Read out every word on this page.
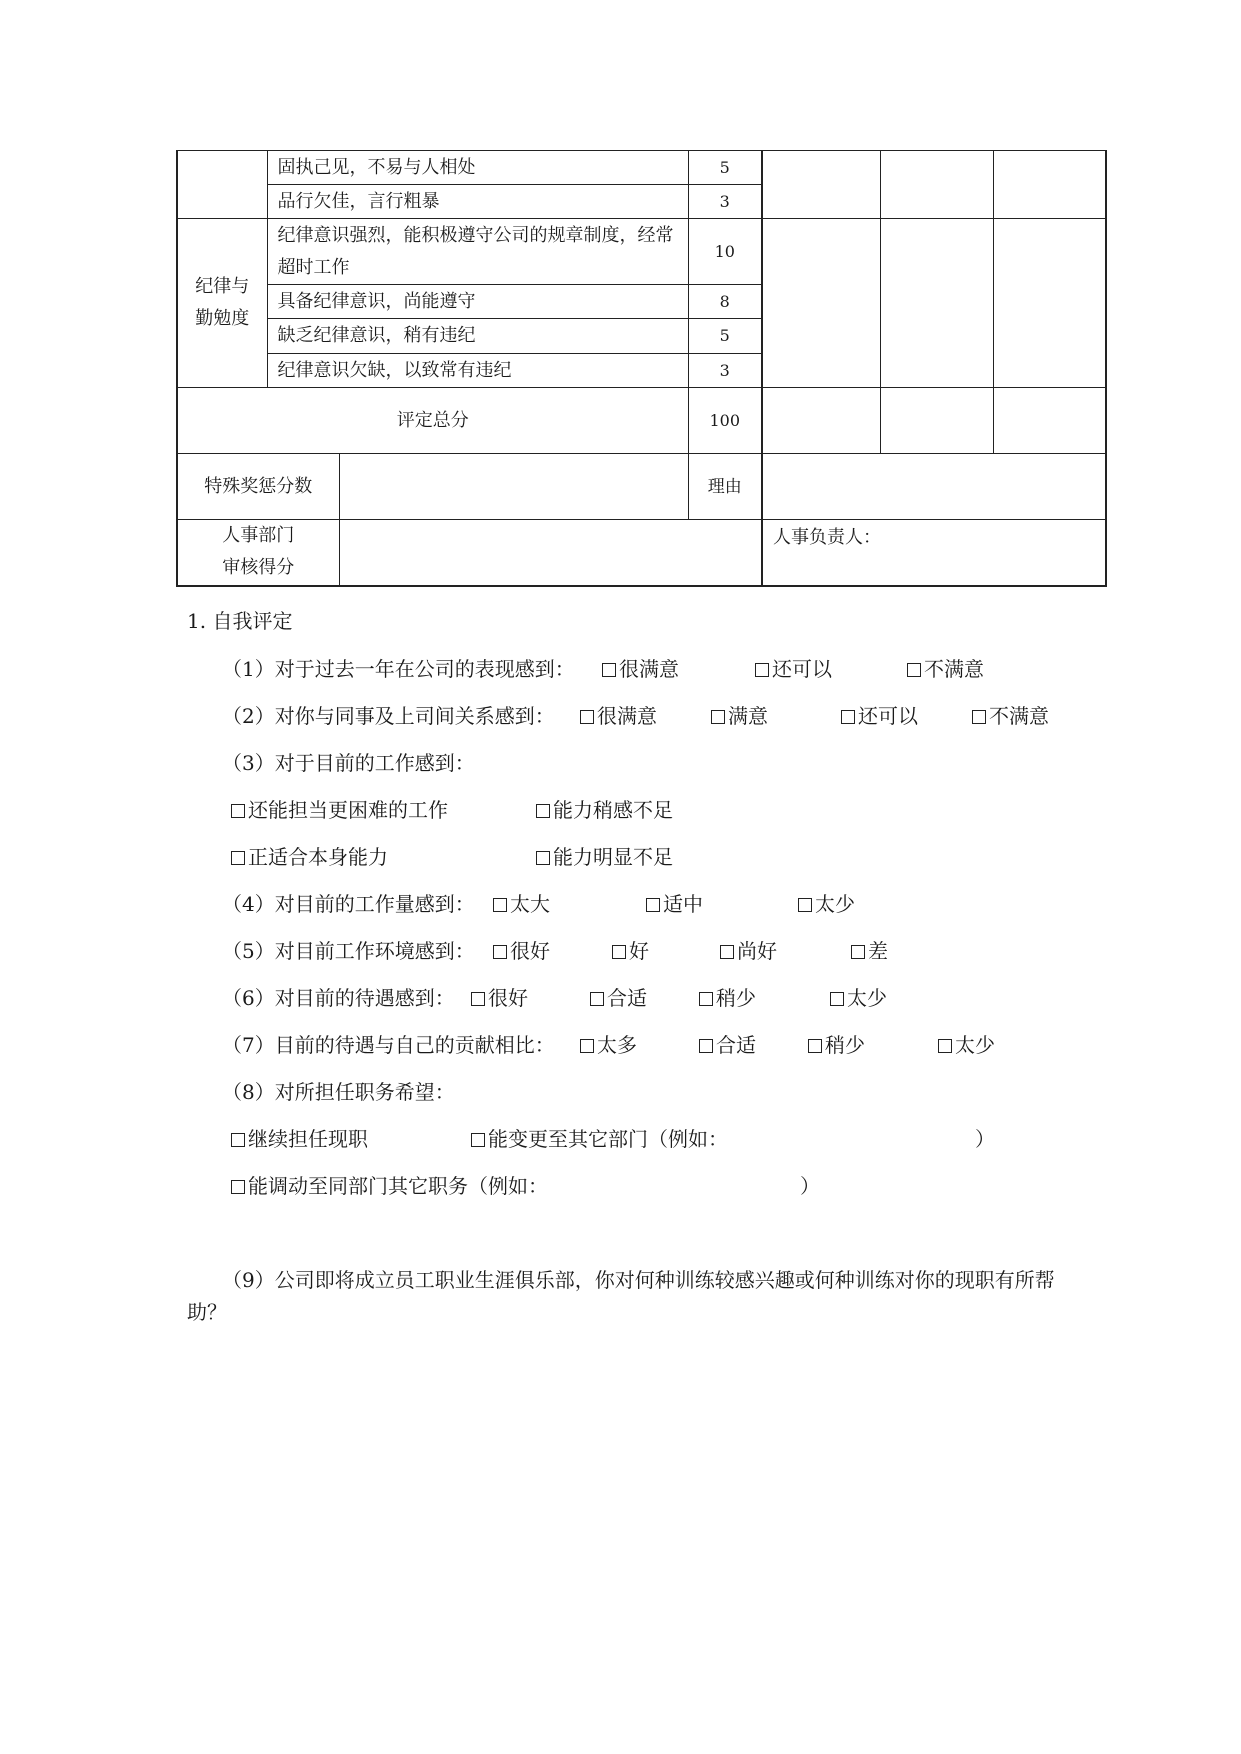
	固执己见，不易与人相处		5			
	品行欠佳，言行粗暴		3			
纪律与
勤勉度	纪律意识强烈，能积极遵守公司的规章制度，经常超时工作		10			
	具备纪律意识，尚能遵守		8			
	缺乏纪律意识，稍有违纪		5			
	纪律意识欠缺，以致常有违纪		3			
评定总分			100			
特殊奖惩分数			理由			
人事部门
审核得分				人事负责人：		
1. 自我评定
（1）对于过去一年在公司的表现感到：	很满意	还可以	不满意
（2）对你与同事及上司间关系感到：	很满意	满意	还可以	不满意
（3）对于目前的工作感到：
还能担当更困难的工作	能力稍感不足
正适合本身能力	能力明显不足
（4）对目前的工作量感到：	太大	适中	太少
（5）对目前工作环境感到：	很好	好	尚好	差
（6）对目前的待遇感到：	很好	合适	稍少	太少
（7）目前的待遇与自己的贡献相比：	太多	合适	稍少	太少
（8）对所担任职务希望：
继续担任现职	能变更至其它部门（例如：	）
能调动至同部门其它职务（例如：	）
（9）公司即将成立员工职业生涯俱乐部，你对何种训练较感兴趣或何种训练对你的现职有所帮助？
